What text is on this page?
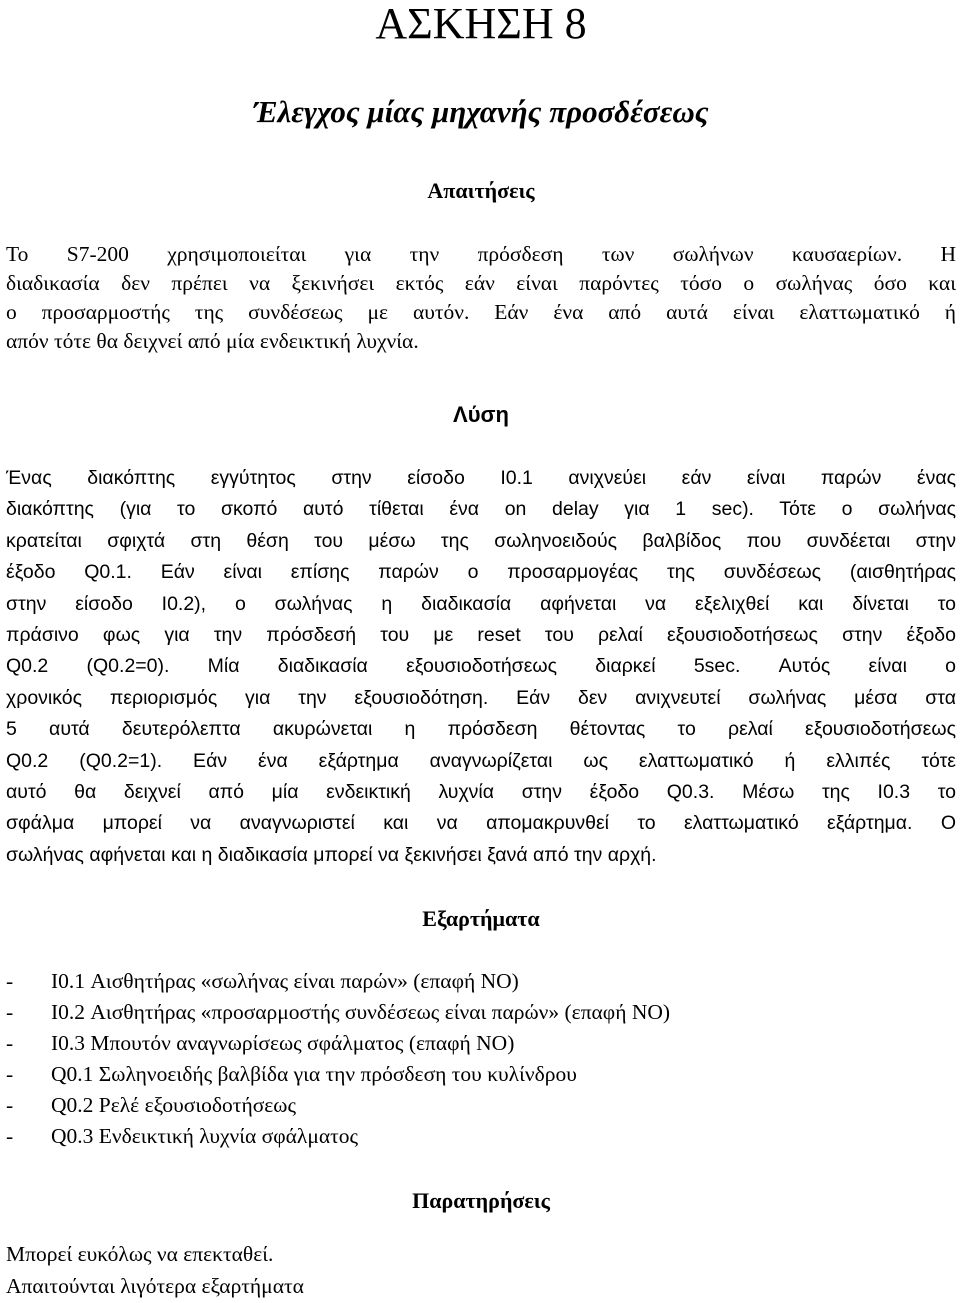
ΑΣΚΗΣΗ 8
Έλεγχος μίας μηχανής προσδέσεως
Απαιτήσεις
Το S7-200 χρησιμοποιείται για την πρόσδεση των σωλήνων καυσαερίων. Η
διαδικασία δεν πρέπει να ξεκινήσει εκτός εάν είναι παρόντες τόσο ο σωλήνας όσο και
ο προσαρμοστής της συνδέσεως με αυτόν. Εάν ένα από αυτά είναι ελαττωματικό ή
απόν τότε θα δειχνεί από μία ενδεικτική λυχνία.
Λύση
Ένας διακόπτης εγγύτητος στην είσοδο I0.1 ανιχνεύει εάν είναι παρών ένας
διακόπτης (για το σκοπό αυτό τίθεται ένα on delay για 1 sec). Τότε ο σωλήνας
κρατείται σφιχτά στη θέση του μέσω της σωληνοειδούς βαλβίδος που συνδέεται στην
έξοδο Q0.1. Εάν είναι επίσης παρών ο προσαρμογέας της συνδέσεως (αισθητήρας
στην είσοδο I0.2), ο σωλήνας η διαδικασία αφήνεται να εξελιχθεί και δίνεται το
πράσινο φως για την πρόσδεσή του με reset του ρελαί εξουσιοδοτήσεως στην έξοδο
Q0.2 (Q0.2=0). Μία διαδικασία εξουσιοδοτήσεως διαρκεί 5sec. Αυτός είναι ο
χρονικός περιορισμός για την εξουσιοδότηση. Εάν δεν ανιχνευτεί σωλήνας μέσα στα
5 αυτά δευτερόλεπτα ακυρώνεται η πρόσδεση θέτοντας το ρελαί εξουσιοδοτήσεως
Q0.2 (Q0.2=1). Εάν ένα εξάρτημα αναγνωρίζεται ως ελαττωματικό ή ελλιπές τότε
αυτό θα δειχνεί από μία ενδεικτική λυχνία στην έξοδο Q0.3. Μέσω της I0.3 το
σφάλμα μπορεί να αναγνωριστεί και να απομακρυνθεί το ελαττωματικό εξάρτημα. Ο
σωλήνας αφήνεται και η διαδικασία μπορεί να ξεκινήσει ξανά από την αρχή.
Εξαρτήματα
- I0.1 Αισθητήρας «σωλήνας είναι παρών» (επαφή NO)
- I0.2 Αισθητήρας «προσαρμοστής συνδέσεως είναι παρών» (επαφή NO)
- I0.3 Μπουτόν αναγνωρίσεως σφάλματος (επαφή NO)
- Q0.1 Σωληνοειδής βαλβίδα για την πρόσδεση του κυλίνδρου
- Q0.2 Ρελέ εξουσιοδοτήσεως
- Q0.3 Ενδεικτική λυχνία σφάλματος
Παρατηρήσεις
Μπορεί ευκόλως να επεκταθεί.
Απαιτούνται λιγότερα εξαρτήματα
